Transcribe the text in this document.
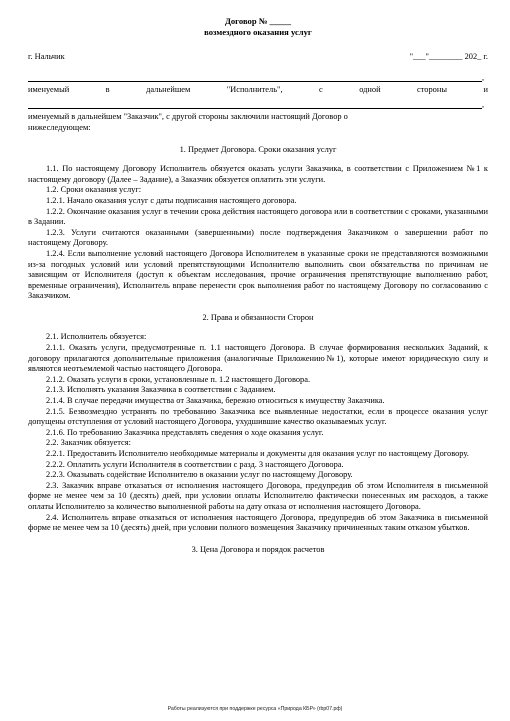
Договор № _____
возмездного оказания услуг
г. Нальчик	"___"________ 202_ г.
,
именуемый	в	дальнейшем	"Исполнитель",	с	одной	стороны	и
,

именуемый в дальнейшем "Заказчик", с другой стороны заключили настоящий Договор о

нижеследующем:

1. Предмет Договора. Сроки оказания услуг

1.1. По настоящему Договору Исполнитель обязуется оказать услуги Заказчика, в соответствии с Приложением №1 к настоящему договору (Далее – Задание), а Заказчик обязуется оплатить эти услуги.

1.2. Сроки оказания услуг:

1.2.1. Начало оказания услуг с даты подписания настоящего договора.

1.2.2. Окончание оказания услуг в течении срока действия настоящего договора или в соответствии с сроками, указанными в Задании.

1.2.3. Услуги считаются оказанными (завершенными) после подтверждения Заказчиком о завершении работ по настоящему Договору.

1.2.4. Если выполнение условий настоящего Договора Исполнителем в указанные сроки не представляются возможными из-за погодных условий или условий препятствующими Исполнителю выполнить свои обязательства по причинам не зависящим от Исполнителя (доступ к объектам исследования, прочие ограничения препятствующие выполнению работ, временные ограничения), Исполнитель вправе перенести срок выполнения работ по настоящему Договору по согласованию с Заказчиком.

2. Права и обязанности Сторон

2.1. Исполнитель обязуется:

2.1.1. Оказать услуги, предусмотренные п. 1.1 настоящего Договора. В случае формирования нескольких Заданий, к договору прилагаются дополнительные приложения (аналогичные Приложению№1), которые имеют юридическую силу и являются неотъемлемой частью настоящего Договора.

2.1.2. Оказать услуги в сроки, установленные п. 1.2 настоящего Договора.

2.1.3. Исполнять указания Заказчика в соответствии с Заданием.

2.1.4. В случае передачи имущества от Заказчика, бережно относиться к имуществу Заказчика.

2.1.5. Безвозмездно устранять по требованию Заказчика все выявленные недостатки, если в процессе оказания услуг допущены отступления от условий настоящего Договора, ухудшившие качество оказываемых услуг.

2.1.6. По требованию Заказчика представлять сведения о ходе оказания услуг.

2.2. Заказчик обязуется:

2.2.1. Предоставить Исполнителю необходимые материалы и документы для оказания услуг по настоящему Договору.

2.2.2. Оплатить услуги Исполнителя в соответствии с разд. 3 настоящего Договора.

2.2.3. Оказывать содействие Исполнителю в оказании услуг по настоящему Договору.

2.3. Заказчик вправе отказаться от исполнения настоящего Договора, предупредив об этом Исполнителя в письменной форме не менее чем за 10 (десять) дней, при условии оплаты Исполнителю фактически понесенных им расходов, а также оплаты Исполнителю за количество выполненной работы на дату отказа от исполнения настоящего Договора.

2.4. Исполнитель вправе отказаться от исполнения настоящего Договора, предупредив об этом Заказчика в письменной форме не менее чем за 10 (десять) дней, при условии полного возмещения Заказчику причиненных таким отказом убытков.

3. Цена Договора и порядок расчетов
Работы реализуются при поддержке ресурса «Природа КБР» (rbp07.рф)
